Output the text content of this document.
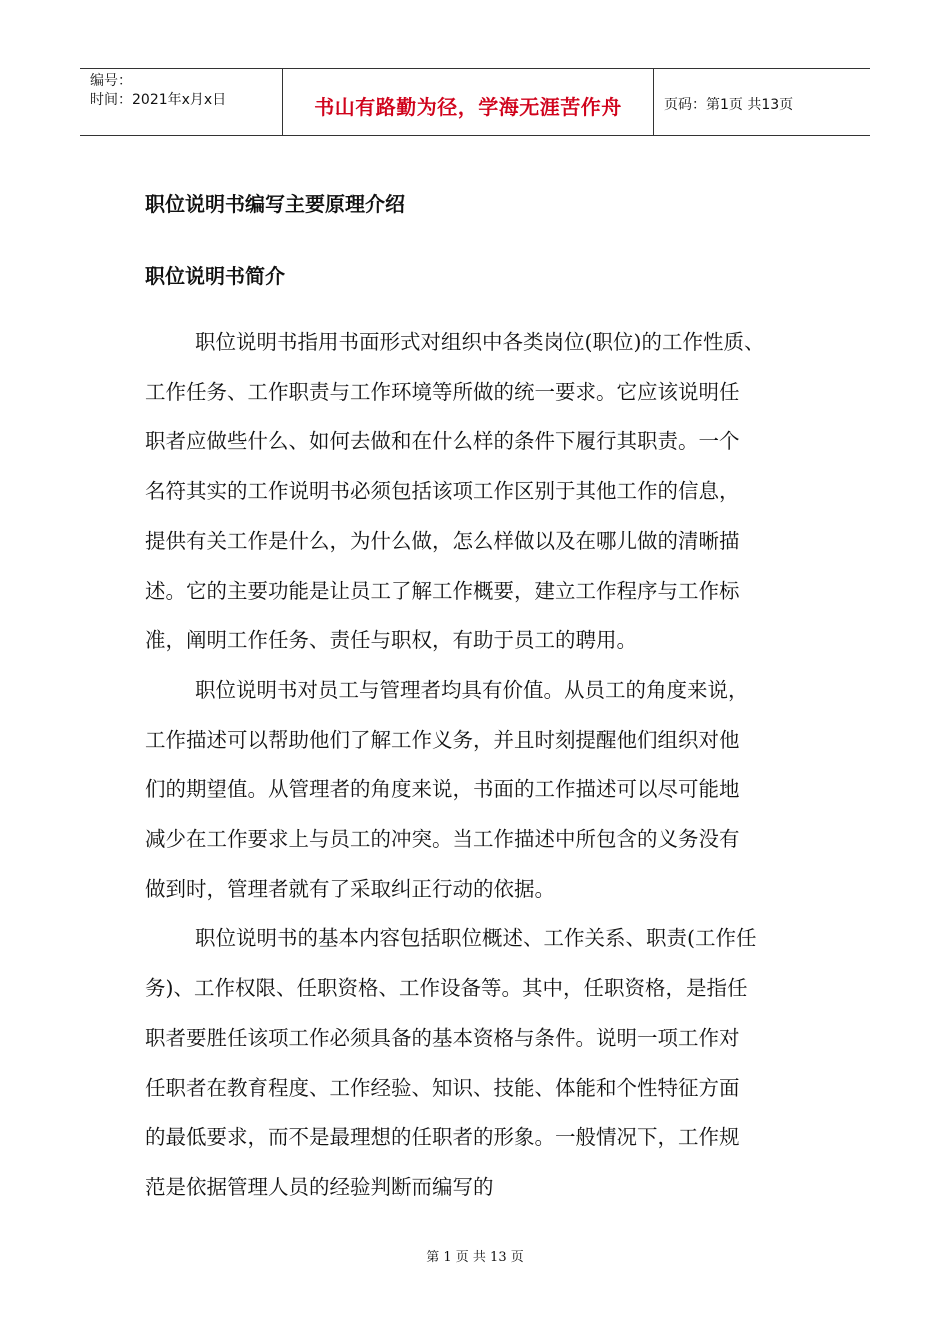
编号：
时间：2021年x月x日	书山有路勤为径，学海无涯苦作舟	页码：第1页 共13页
职位说明书编写主要原理介绍
职位说明书简介

职位说明书指用书面形式对组织中各类岗位(职位)的工作性质、
工作任务、工作职责与工作环境等所做的统一要求。它应该说明任
职者应做些什么、如何去做和在什么样的条件下履行其职责。一个
名符其实的工作说明书必须包括该项工作区别于其他工作的信息，
提供有关工作是什么，为什么做，怎么样做以及在哪儿做的清晰描
述。它的主要功能是让员工了解工作概要，建立工作程序与工作标
准，阐明工作任务、责任与职权，有助于员工的聘用。

职位说明书对员工与管理者均具有价值。从员工的角度来说，
工作描述可以帮助他们了解工作义务，并且时刻提醒他们组织对他
们的期望值。从管理者的角度来说，书面的工作描述可以尽可能地
减少在工作要求上与员工的冲突。当工作描述中所包含的义务没有
做到时，管理者就有了采取纠正行动的依据。

职位说明书的基本内容包括职位概述、工作关系、职责(工作任
务)、工作权限、任职资格、工作设备等。其中，任职资格，是指任
职者要胜任该项工作必须具备的基本资格与条件。说明一项工作对
任职者在教育程度、工作经验、知识、技能、体能和个性特征方面
的最低要求，而不是最理想的任职者的形象。一般情况下，工作规
范是依据管理人员的经验判断而编写的

第 1 页 共 13 页
